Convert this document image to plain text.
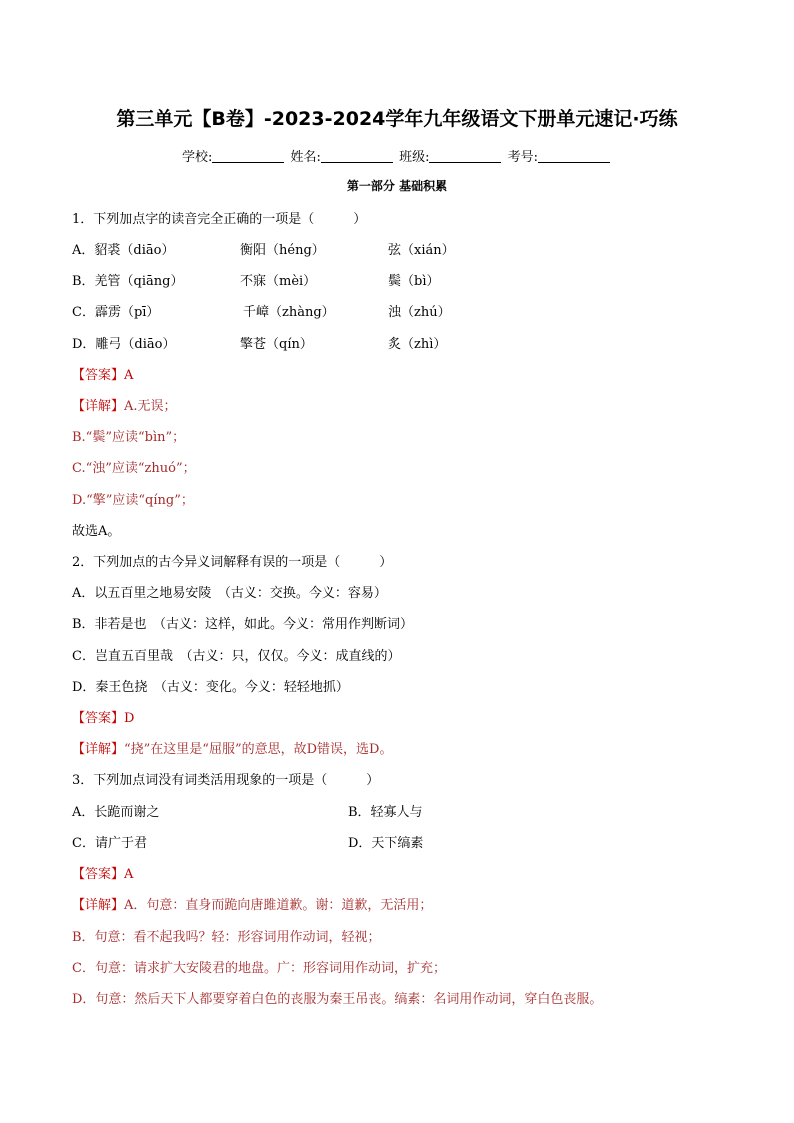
第三单元【B卷】-2023-2024学年九年级语文下册单元速记·巧练
学校:	姓名:	班级:	考号:
第一部分 基础积累
1．下列加点字的读音完全正确的一项是（　　　）
A．貂裘（diāo）	衡阳（héng）	弦（xián）
B．羌管（qiāng）	不寐（mèi）	鬓（bì）
C．霹雳（pī）	千嶂（zhàng）	浊（zhú）
D．雕弓（diāo）	擎苍（qín）	炙（zhì）
【答案】A
【详解】A.无误；
B.“鬓”应读“bìn”；
C.“浊”应读“zhuó”；
D.“擎”应读“qíng”；
故选A。
2．下列加点的古今异义词解释有误的一项是（　　　）
A．以五百里之地易安陵　（古义：交换。今义：容易）
B．非若是也　（古义：这样，如此。今义：常用作判断词）
C．岂直五百里哉　（古义：只，仅仅。今义：成直线的）
D．秦王色挠　（古义：变化。今义：轻轻地抓）
【答案】D
【详解】“挠”在这里是“屈服”的意思，故D错误，选D。
3．下列加点词没有词类活用现象的一项是（　　　）
A．长跪而谢之	B．轻寡人与
C．请广于君	D．天下缟素
【答案】A
【详解】A．句意：直身而跪向唐雎道歉。谢：道歉，无活用；
B．句意：看不起我吗？轻：形容词用作动词，轻视；
C．句意：请求扩大安陵君的地盘。广：形容词用作动词，扩充；
D．句意：然后天下人都要穿着白色的丧服为秦王吊丧。缟素：名词用作动词，穿白色丧服。
